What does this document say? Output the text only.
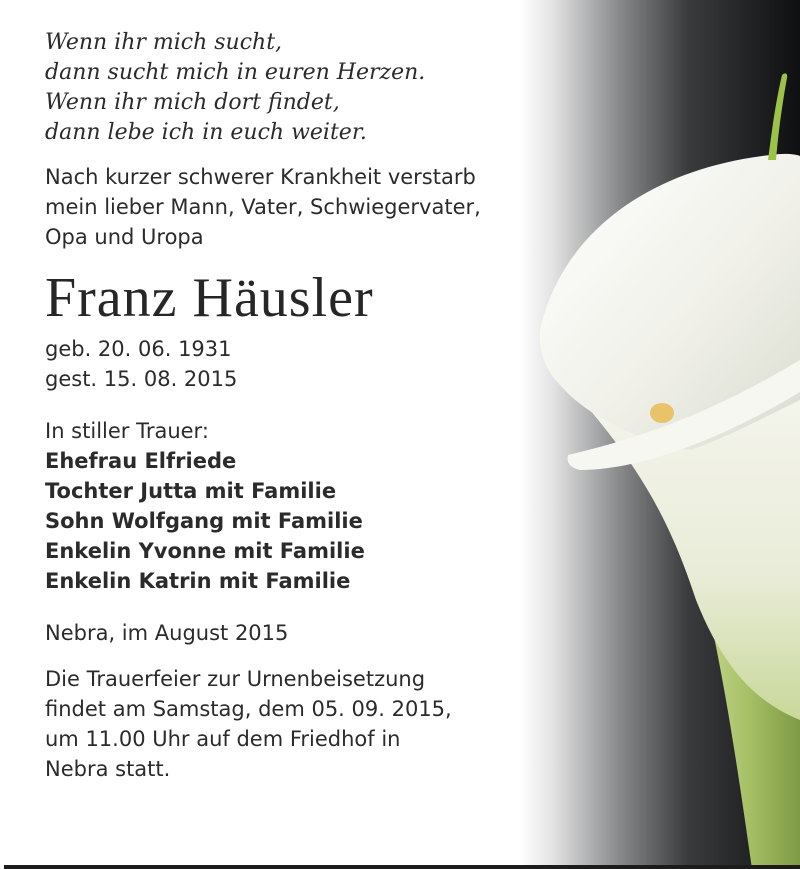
Wenn ihr mich sucht,
dann sucht mich in euren Herzen.
Wenn ihr mich dort findet,
dann lebe ich in euch weiter.
Nach kurzer schwerer Krankheit verstarb
mein lieber Mann, Vater, Schwiegervater,
Opa und Uropa
Franz Häusler
geb. 20. 06. 1931
gest. 15. 08. 2015
In stiller Trauer:
Ehefrau Elfriede
Tochter Jutta mit Familie
Sohn Wolfgang mit Familie
Enkelin Yvonne mit Familie
Enkelin Katrin mit Familie
Nebra, im August 2015
Die Trauerfeier zur Urnenbeisetzung
findet am Samstag, dem 05. 09. 2015,
um 11.00 Uhr auf dem Friedhof in
Nebra statt.
